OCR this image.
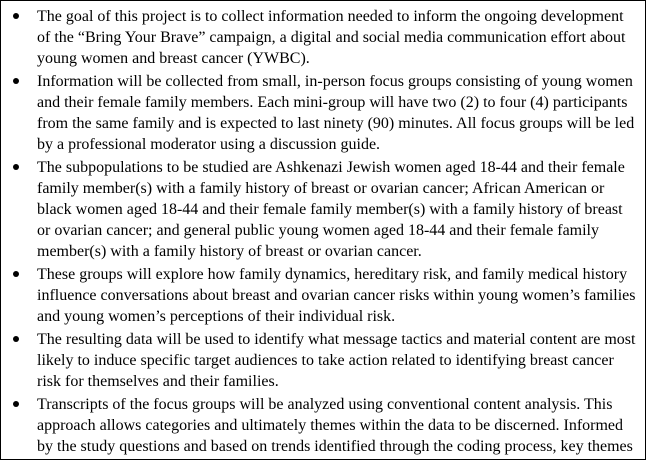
The goal of this project is to collect information needed to inform the ongoing development of the “Bring Your Brave” campaign, a digital and social media communication effort about young women and breast cancer (YWBC).
Information will be collected from small, in-person focus groups consisting of young women and their female family members. Each mini-group will have two (2) to four (4) participants from the same family and is expected to last ninety (90) minutes. All focus groups will be led by a professional moderator using a discussion guide.
The subpopulations to be studied are Ashkenazi Jewish women aged 18-44 and their female family member(s) with a family history of breast or ovarian cancer; African American or black women aged 18-44 and their female family member(s) with a family history of breast or ovarian cancer; and general public young women aged 18-44 and their female family member(s) with a family history of breast or ovarian cancer.
These groups will explore how family dynamics, hereditary risk, and family medical history influence conversations about breast and ovarian cancer risks within young women’s families and young women’s perceptions of their individual risk.
The resulting data will be used to identify what message tactics and material content are most likely to induce specific target audiences to take action related to identifying breast cancer risk for themselves and their families.
Transcripts of the focus groups will be analyzed using conventional content analysis. This approach allows categories and ultimately themes within the data to be discerned. Informed by the study questions and based on trends identified through the coding process, key themes
